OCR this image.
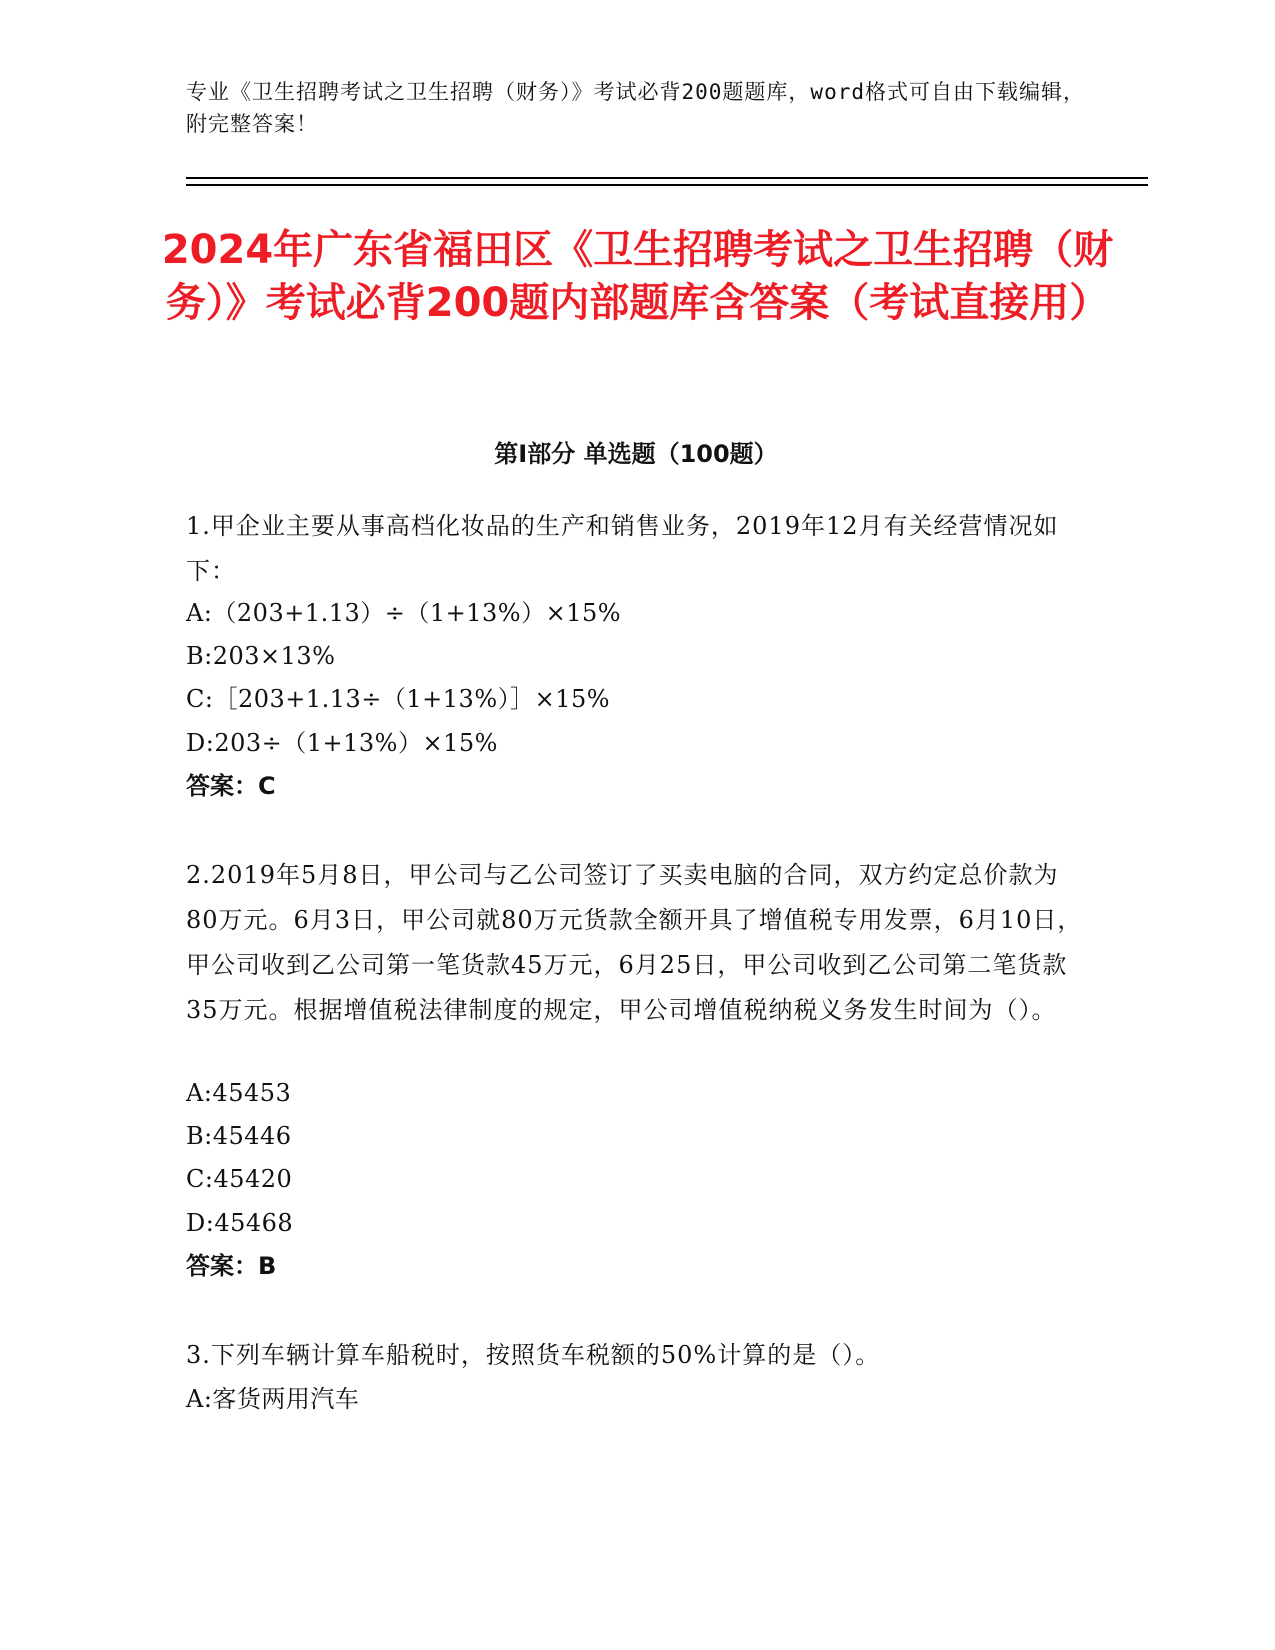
专业《卫生招聘考试之卫生招聘（财务）》考试必背200题题库，word格式可自由下载编辑，附完整答案！
2024年广东省福田区《卫生招聘考试之卫生招聘（财务）》考试必背200题内部题库含答案（考试直接用）
第Ⅰ部分 单选题（100题）
1.甲企业主要从事高档化妆品的生产和销售业务，2019年12月有关经营情况如下：
A:（203+1.13）÷（1+13%）×15%
B:203×13%
C:［203+1.13÷（1+13%）］×15%
D:203÷（1+13%）×15%
答案：C
2.2019年5月8日，甲公司与乙公司签订了买卖电脑的合同，双方约定总价款为80万元。6月3日，甲公司就80万元货款全额开具了增值税专用发票，6月10日，甲公司收到乙公司第一笔货款45万元，6月25日，甲公司收到乙公司第二笔货款35万元。根据增值税法律制度的规定，甲公司增值税纳税义务发生时间为（）。
A:45453
B:45446
C:45420
D:45468
答案：B
3.下列车辆计算车船税时，按照货车税额的50%计算的是（）。
A:客货两用汽车
